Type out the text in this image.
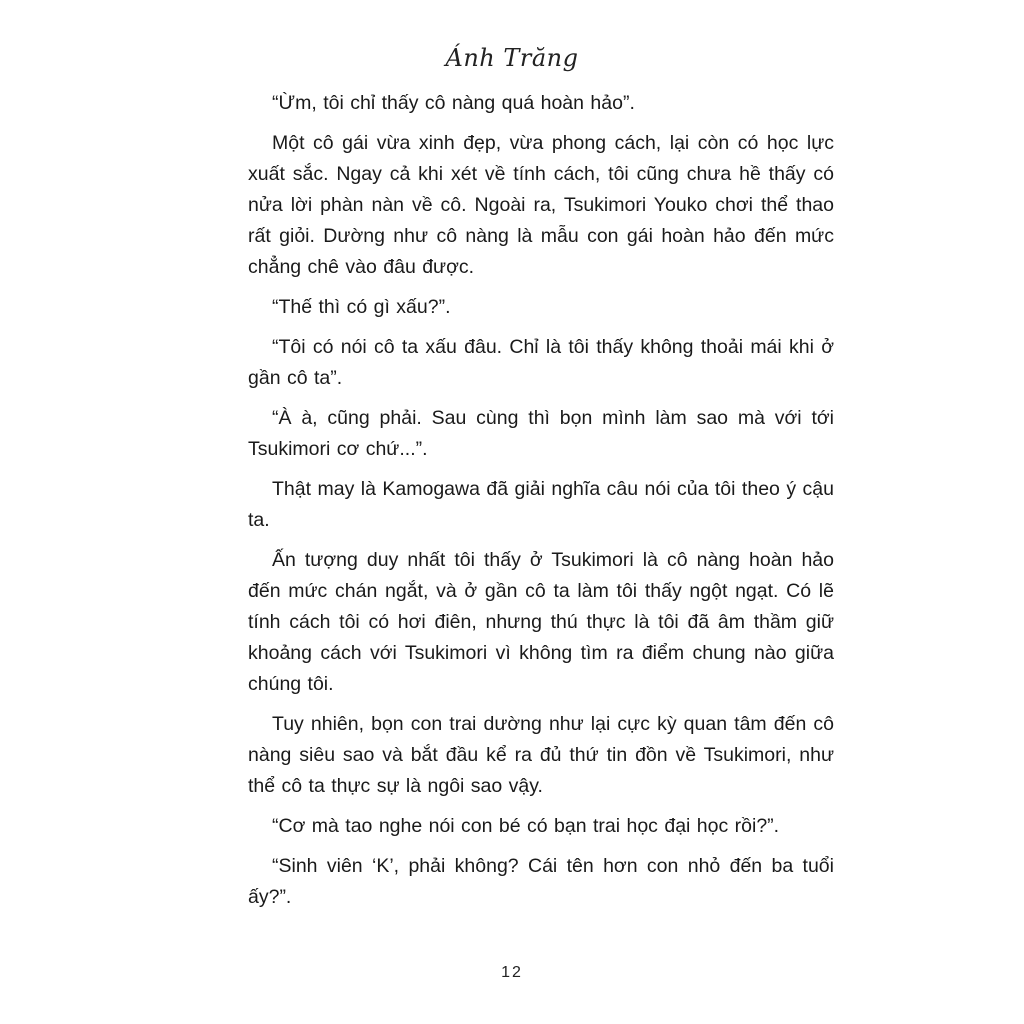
Ánh Trăng

“Ừm, tôi chỉ thấy cô nàng quá hoàn hảo”.

Một cô gái vừa xinh đẹp, vừa phong cách, lại còn có học lực xuất sắc. Ngay cả khi xét về tính cách, tôi cũng chưa hề thấy có nửa lời phàn nàn về cô. Ngoài ra, Tsukimori Youko chơi thể thao rất giỏi. Dường như cô nàng là mẫu con gái hoàn hảo đến mức chẳng chê vào đâu được.

“Thế thì có gì xấu?”.

“Tôi có nói cô ta xấu đâu. Chỉ là tôi thấy không thoải mái khi ở gần cô ta”.

“À à, cũng phải. Sau cùng thì bọn mình làm sao mà với tới Tsukimori cơ chứ...”.

Thật may là Kamogawa đã giải nghĩa câu nói của tôi theo ý cậu ta.

Ấn tượng duy nhất tôi thấy ở Tsukimori là cô nàng hoàn hảo đến mức chán ngắt, và ở gần cô ta làm tôi thấy ngột ngạt. Có lẽ tính cách tôi có hơi điên, nhưng thú thực là tôi đã âm thầm giữ khoảng cách với Tsukimori vì không tìm ra điểm chung nào giữa chúng tôi.

Tuy nhiên, bọn con trai dường như lại cực kỳ quan tâm đến cô nàng siêu sao và bắt đầu kể ra đủ thứ tin đồn về Tsukimori, như thể cô ta thực sự là ngôi sao vậy.

“Cơ mà tao nghe nói con bé có bạn trai học đại học rồi?”.

“Sinh viên ‘K’, phải không? Cái tên hơn con nhỏ đến ba tuổi ấy?”.

12
